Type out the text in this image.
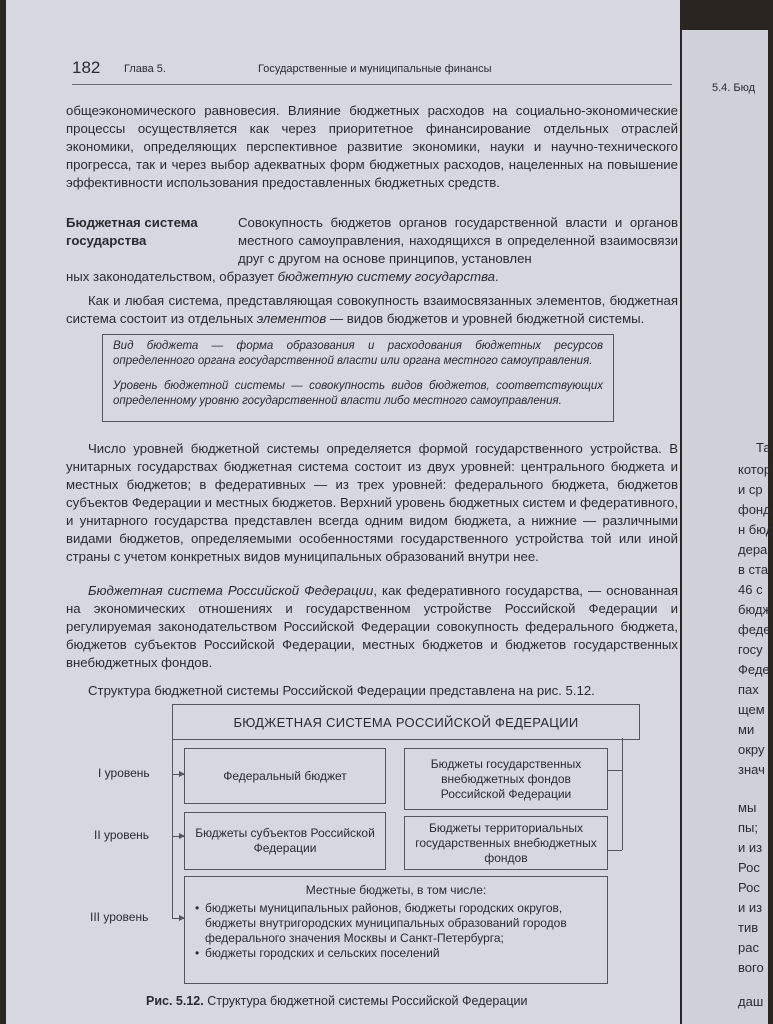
182 Глава 5.	Государственные и муниципальные финансы

общеэкономического равновесия. Влияние бюджетных расходов на социально-экономические процессы осуществляется как через приоритетное финансирование отдельных отраслей экономики, определяющих перспективное развитие экономики, науки и научно-технического прогресса, так и через выбор адекватных форм бюджетных расходов, нацеленных на повышение эффективности использования предоставленных бюджетных средств.

Бюджетная система государства
Совокупность бюджетов органов государственной власти и органов местного самоуправления, находящихся в определенной взаимосвязи друг с другом на основе принципов, установлен

ных законодательством, образует бюджетную систему государства.

Как и любая система, представляющая совокупность взаимосвязанных элементов, бюджетная система состоит из отдельных элементов — видов бюджетов и уровней бюджетной системы.

Вид бюджета — форма образования и расходования бюджетных ресурсов определенного органа государственной власти или органа местного самоуправления.

Уровень бюджетной системы — совокупность видов бюджетов, соответствующих определенному уровню государственной власти либо местного самоуправления.

Число уровней бюджетной системы определяется формой государственного устройства. В унитарных государствах бюджетная система состоит из двух уровней: центрального бюджета и местных бюджетов; в федеративных — из трех уровней: федерального бюджета, бюджетов субъектов Федерации и местных бюджетов. Верхний уровень бюджетных систем и федеративного, и унитарного государства представлен всегда одним видом бюджета, а нижние — различными видами бюджетов, определяемыми особенностями государственного устройства той или иной страны с учетом конкретных видов муниципальных образований внутри нее.

Бюджетная система Российской Федерации, как федеративного государства, — основанная на экономических отношениях и государственном устройстве Российской Федерации и регулируемая законодательством Российской Федерации совокупность федерального бюджета, бюджетов субъектов Российской Федерации, местных бюджетов и бюджетов государственных внебюджетных фондов.

Структура бюджетной системы Российской Федерации представлена на рис. 5.12.

БЮДЖЕТНАЯ СИСТЕМА РОССИЙСКОЙ ФЕДЕРАЦИИ
I уровень
II уровень
III уровень
Федеральный бюджет
Бюджеты государственных внебюджетных фондов Российской Федерации
Бюджеты субъектов Российской Федерации
Бюджеты территориальных государственных внебюджетных фондов
Местные бюджеты, в том числе:
• бюджеты муниципальных районов, бюджеты городских округов, бюджеты внутригородских муниципальных образований городов федерального значения Москвы и Санкт-Петербурга;
• бюджеты городских и сельских поселений
Рис. 5.12. Структура бюджетной системы Российской Федерации
5.4. Бюд
Та
котор
и ср
фонд
н бюд
дера
в ста
46 с
бюдж
феде
госу
Феде
пах
щем
ми
окру
знач
мы
пы;
и из
Рос
Рос
и из
тив
рас
вого
даш
